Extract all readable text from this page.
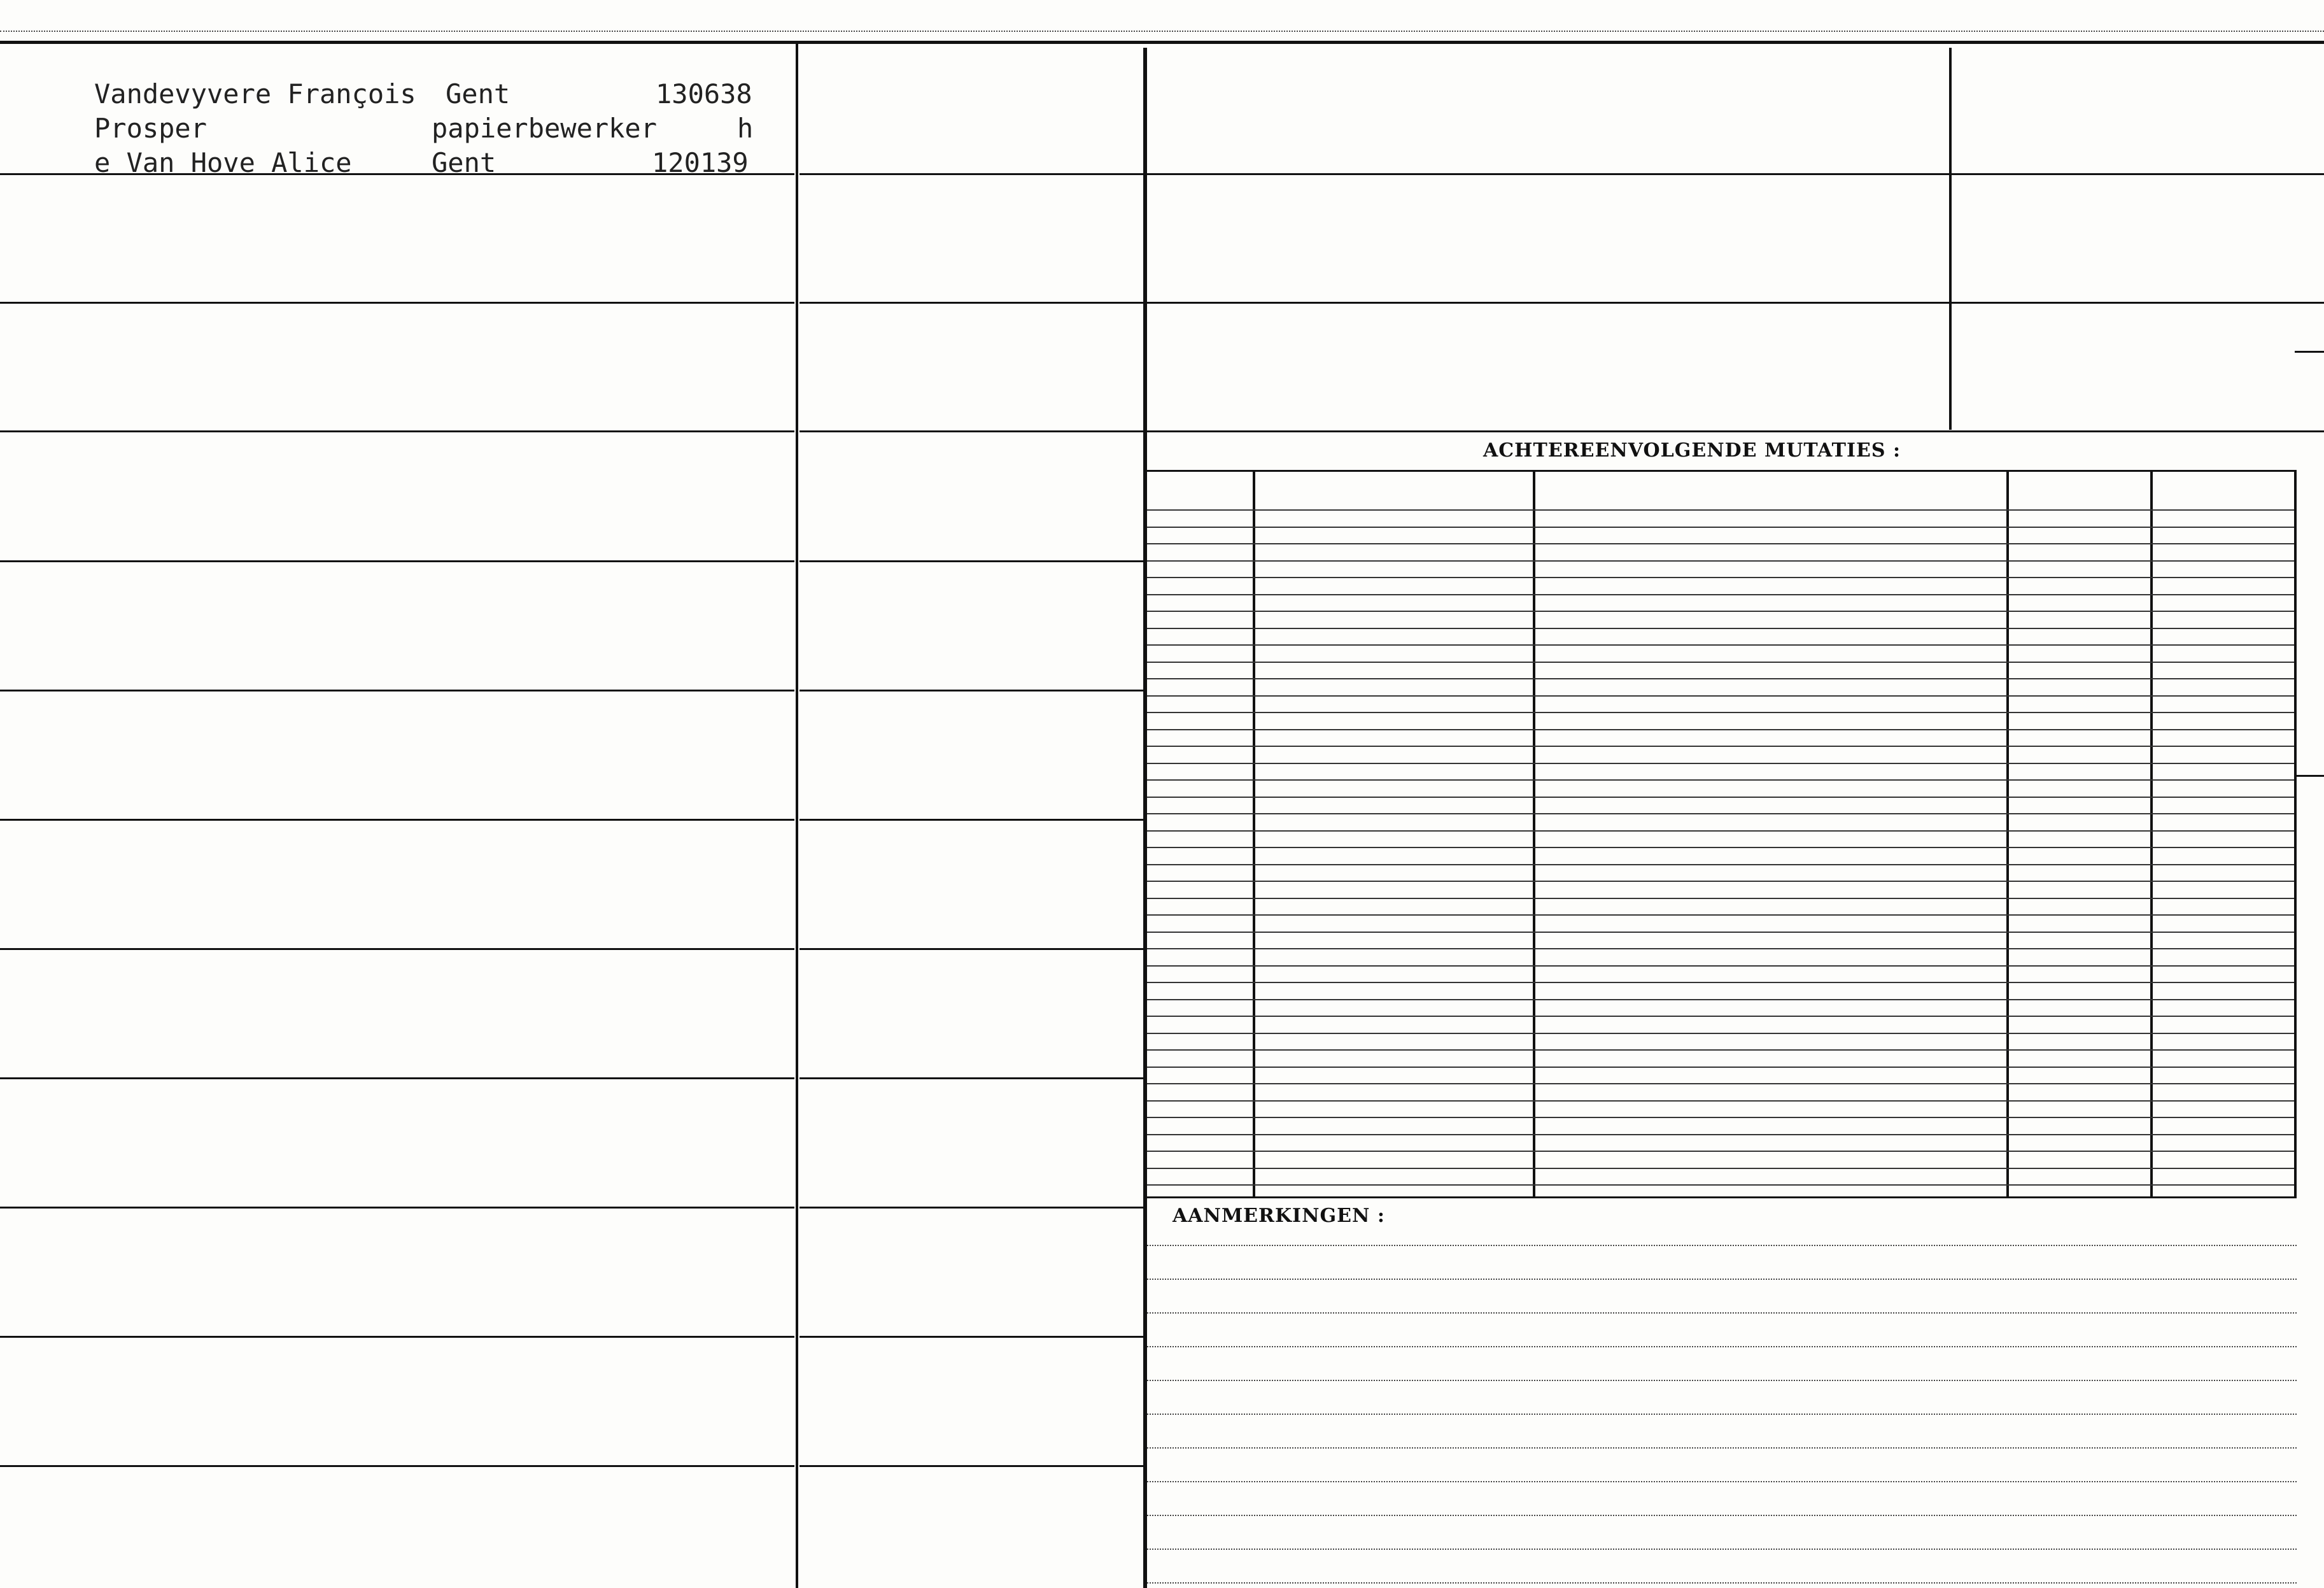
Vandevyvere François Gent	130638
Prosper	papierbewerker	h
e Van Hove Alice	Gent	120139
ACHTEREENVOLGENDE MUTATIES :
AANMERKINGEN :
